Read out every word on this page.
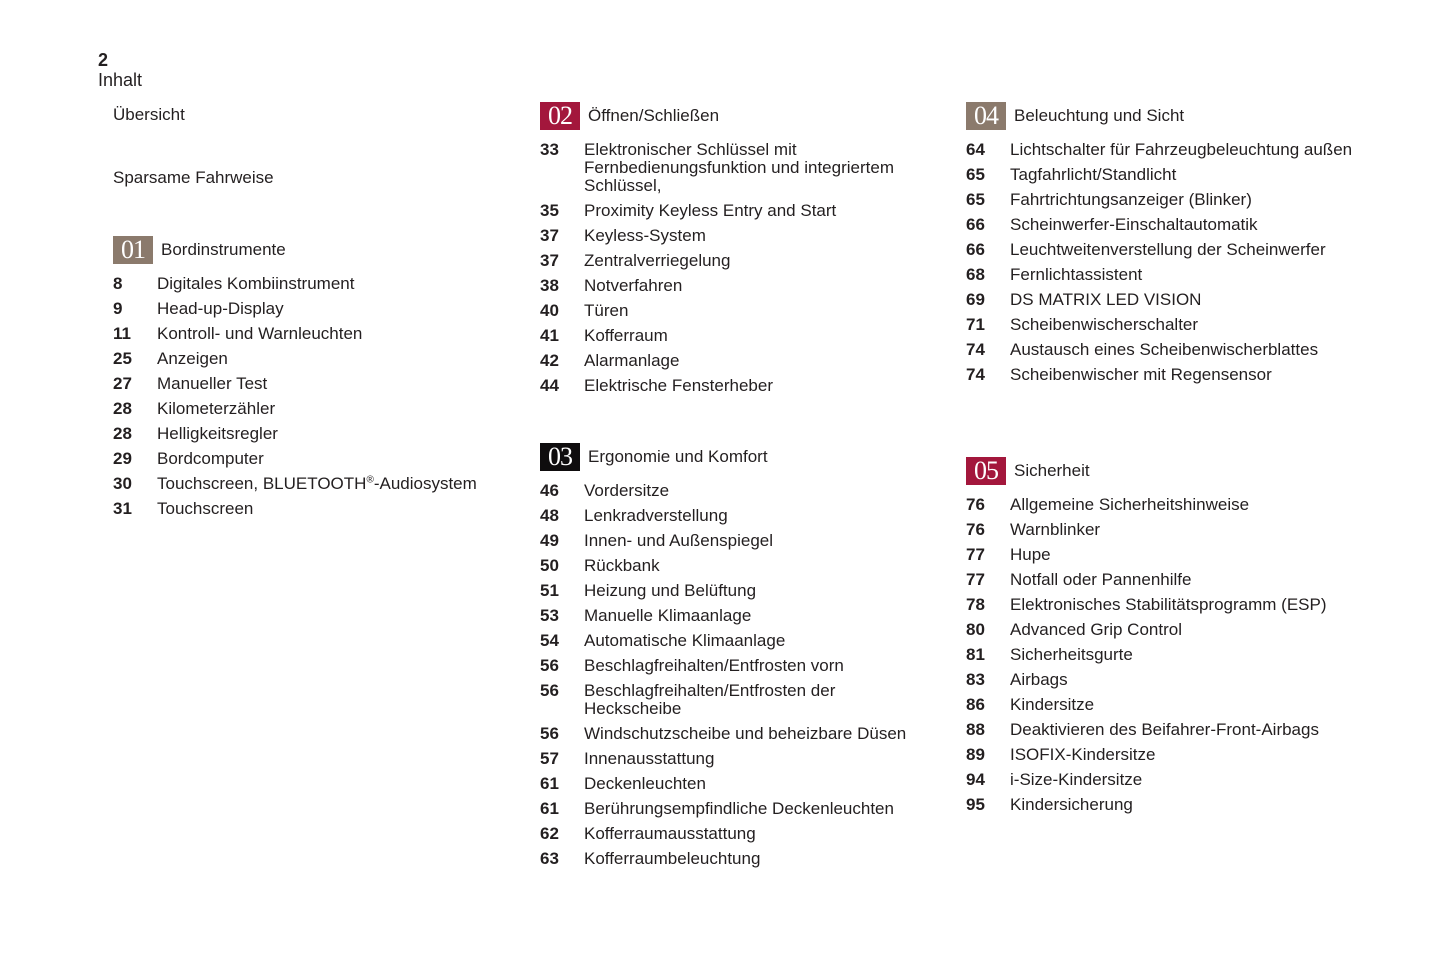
2
Inhalt
Übersicht
Sparsame Fahrweise
01 Bordinstrumente
8	Digitales Kombiinstrument
9	Head-up-Display
11	Kontroll- und Warnleuchten
25	Anzeigen
27	Manueller Test
28	Kilometerzähler
28	Helligkeitsregler
29	Bordcomputer
30	Touchscreen, BLUETOOTH®-Audiosystem
31	Touchscreen
02 Öffnen/Schließen
33	Elektronischer Schlüssel mit Fernbedienungsfunktion und integriertem Schlüssel,
35	Proximity Keyless Entry and Start
37	Keyless-System
37	Zentralverriegelung
38	Notverfahren
40	Türen
41	Kofferraum
42	Alarmanlage
44	Elektrische Fensterheber
03 Ergonomie und Komfort
46	Vordersitze
48	Lenkradverstellung
49	Innen- und Außenspiegel
50	Rückbank
51	Heizung und Belüftung
53	Manuelle Klimaanlage
54	Automatische Klimaanlage
56	Beschlagfreihalten/Entfrosten vorn
56	Beschlagfreihalten/Entfrosten der Heckscheibe
56	Windschutzscheibe und beheizbare Düsen
57	Innenausstattung
61	Deckenleuchten
61	Berührungsempfindliche Deckenleuchten
62	Kofferraumausstattung
63	Kofferraumbeleuchtung
04 Beleuchtung und Sicht
64	Lichtschalter für Fahrzeugbeleuchtung außen
65	Tagfahrlicht/Standlicht
65	Fahrtrichtungsanzeiger (Blinker)
66	Scheinwerfer-Einschaltautomatik
66	Leuchtweitenverstellung der Scheinwerfer
68	Fernlichtassistent
69	DS MATRIX LED VISION
71	Scheibenwischerschalter
74	Austausch eines Scheibenwischerblattes
74	Scheibenwischer mit Regensensor
05 Sicherheit
76	Allgemeine Sicherheitshinweise
76	Warnblinker
77	Hupe
77	Notfall oder Pannenhilfe
78	Elektronisches Stabilitätsprogramm (ESP)
80	Advanced Grip Control
81	Sicherheitsgurte
83	Airbags
86	Kindersitze
88	Deaktivieren des Beifahrer-Front-Airbags
89	ISOFIX-Kindersitze
94	i-Size-Kindersitze
95	Kindersicherung
